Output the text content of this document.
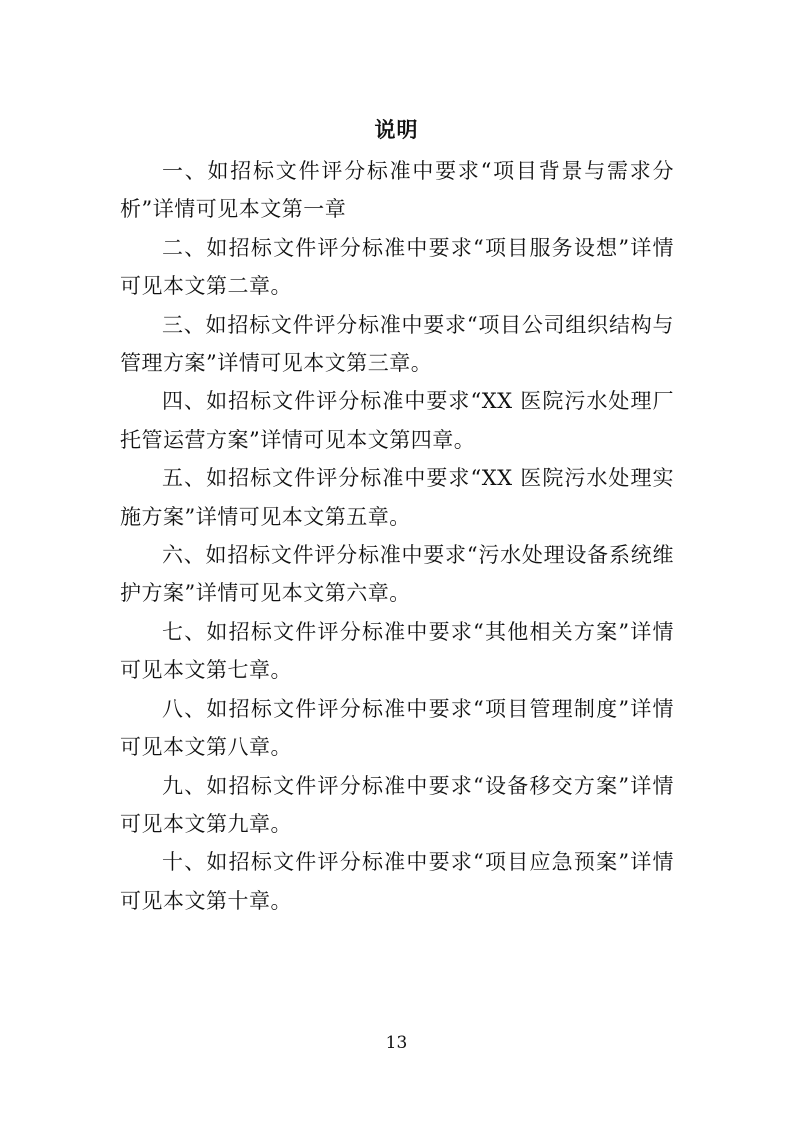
说明

一、如招标文件评分标准中要求“项目背景与需求分析”详情可见本文第一章

二、如招标文件评分标准中要求“项目服务设想”详情可见本文第二章。

三、如招标文件评分标准中要求“项目公司组织结构与管理方案”详情可见本文第三章。

四、如招标文件评分标准中要求“XX 医院污水处理厂托管运营方案”详情可见本文第四章。

五、如招标文件评分标准中要求“XX 医院污水处理实施方案”详情可见本文第五章。

六、如招标文件评分标准中要求“污水处理设备系统维护方案”详情可见本文第六章。

七、如招标文件评分标准中要求“其他相关方案”详情可见本文第七章。

八、如招标文件评分标准中要求“项目管理制度”详情可见本文第八章。

九、如招标文件评分标准中要求“设备移交方案”详情可见本文第九章。

十、如招标文件评分标准中要求“项目应急预案”详情可见本文第十章。

13
